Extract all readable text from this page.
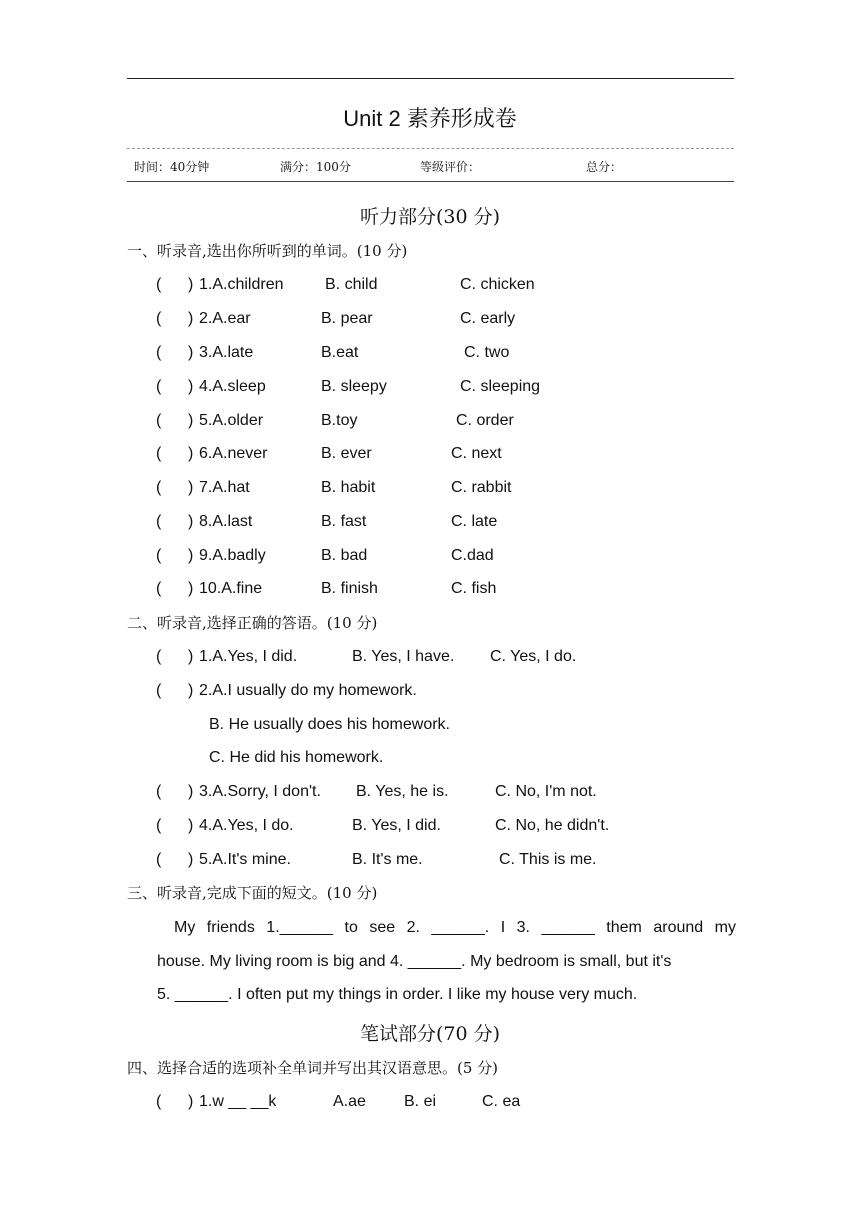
Unit 2 素养形成卷
时间：40分钟	满分：100分	等级评价：	总分：
听力部分(30 分)
一、听录音,选出你所听到的单词。(10 分)
( ) 1.A.children	B. child	C. chicken
( ) 2.A.ear	B. pear	C. early
( ) 3.A.late	B.eat	C. two
( ) 4.A.sleep	B. sleepy	C. sleeping
( ) 5.A.older	B.toy	C. order
( ) 6.A.never	B. ever	C. next
( ) 7.A.hat	B. habit	C. rabbit
( ) 8.A.last	B. fast	C. late
( ) 9.A.badly	B. bad	C.dad
( ) 10.A.fine	B. finish	C. fish
二、听录音,选择正确的答语。(10 分)
( ) 1.A.Yes, I did.	B. Yes, I have. C. Yes, I do.
( ) 2.A.I usually do my homework.
B. He usually does his homework.
C. He did his homework.
( ) 3.A.Sorry, I don't. B. Yes, he is.	C. No, I'm not.
( ) 4.A.Yes, I do.	B. Yes, I did.	C. No, he didn't.
( ) 5.A.It's mine.	B. It's me.	C. This is me.
三、听录音,完成下面的短文。(10 分)
My friends 1.______ to see 2. ______. I 3. ______ them around my
house. My living room is big and 4. ______. My bedroom is small, but it's
5. ______. I often put my things in order. I like my house very much.
笔试部分(70 分)
四、选择合适的选项补全单词并写出其汉语意思。(5 分)
( ) 1.w __ __k	A.ae B. ei	C. ea
